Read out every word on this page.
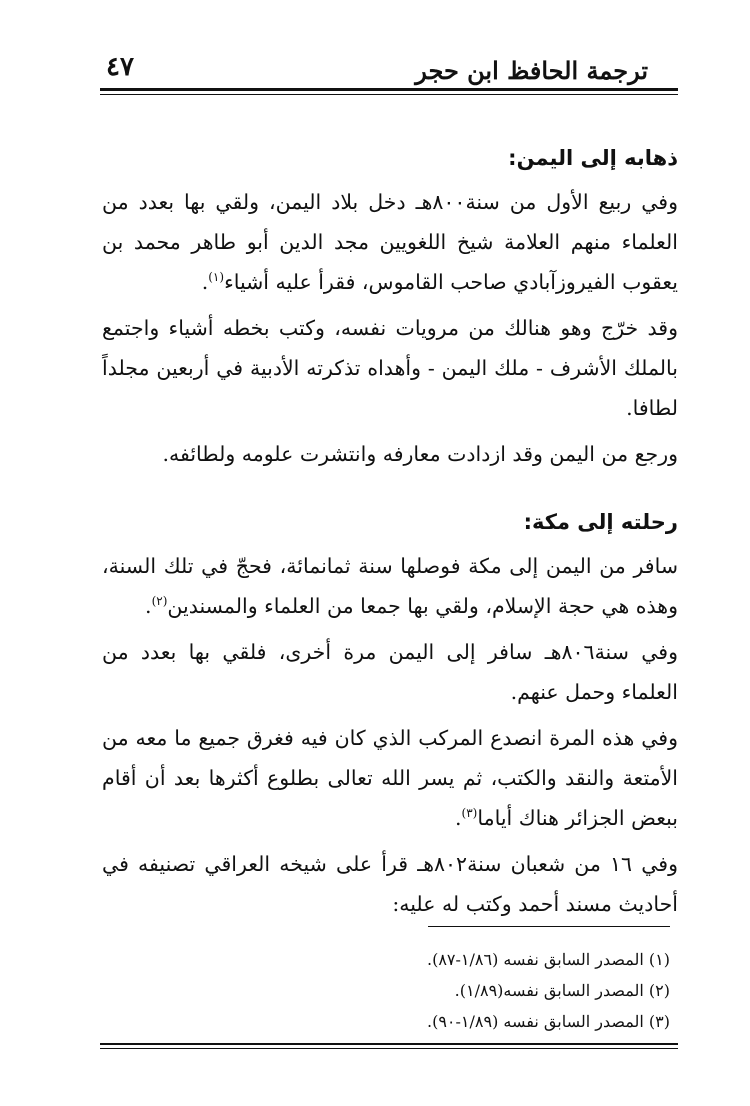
ترجمة الحافظ ابن حجر
٤٧
ذهابه إلى اليمن:

وفي ربيع الأول من سنة٨٠٠هـ دخل بلاد اليمن، ولقي بها بعدد من العلماء منهم العلامة شيخ اللغويين مجد الدين أبو طاهر محمد بن يعقوب الفيروزآبادي صاحب القاموس، فقرأ عليه أشياء$^{(١)}$.

وقد خرّج وهو هنالك من مرويات نفسه، وكتب بخطه أشياء واجتمع بالملك الأشرف - ملك اليمن - وأهداه تذكرته الأدبية في أربعين مجلداً لطافا.

ورجع من اليمن وقد ازدادت معارفه وانتشرت علومه ولطائفه.

رحلته إلى مكة:

سافر من اليمن إلى مكة فوصلها سنة ثمانمائة، فحجّ في تلك السنة، وهذه هي حجة الإسلام، ولقي بها جمعا من العلماء والمسندين$^{(٢)}$.

وفي سنة٨٠٦هـ سافر إلى اليمن مرة أخرى، فلقي بها بعدد من العلماء وحمل عنهم.

وفي هذه المرة انصدع المركب الذي كان فيه فغرق جميع ما معه من الأمتعة والنقد والكتب، ثم يسر الله تعالى بطلوع أكثرها بعد أن أقام ببعض الجزائر هناك أياما$^{(٣)}$.

وفي ١٦ من شعبان سنة٨٠٢هـ قرأ على شيخه العراقي تصنيفه في أحاديث مسند أحمد وكتب له عليه:

(١) المصدر السابق نفسه (١/٨٦-٨٧).

(٢) المصدر السابق نفسه(١/٨٩).

(٣) المصدر السابق نفسه (١/٨٩-٩٠).
